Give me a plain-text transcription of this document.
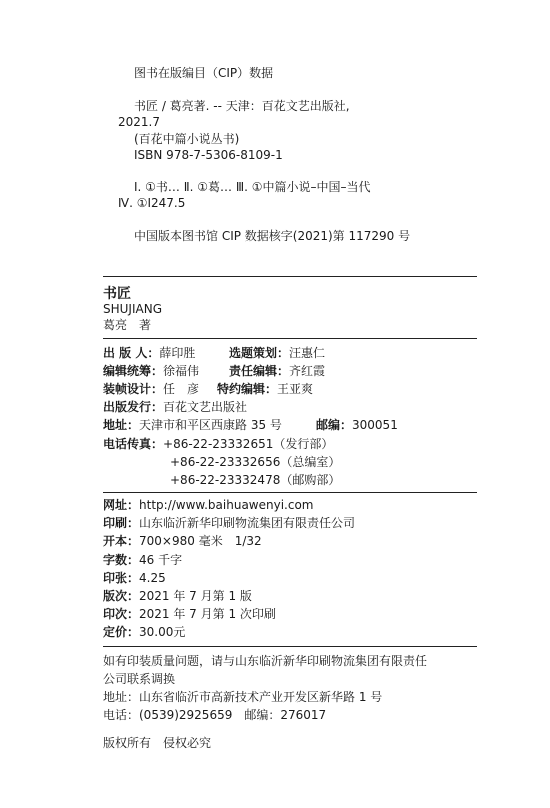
图书在版编目（CIP）数据
书匠 / 葛亮著. -- 天津：百花文艺出版社,
2021.7
(百花中篇小说丛书)
ISBN 978-7-5306-8109-1
Ⅰ. ①书… Ⅱ. ①葛… Ⅲ. ①中篇小说–中国–当代
Ⅳ. ①I247.5
中国版本图书馆 CIP 数据核字(2021)第 117290 号
书匠
SHUJIANG
葛亮　著
出 版 人：薛印胜	选题策划：汪惠仁
编辑统筹：徐福伟 责任编辑：齐红霞
装帧设计：任　彦 特约编辑：王亚爽
出版发行：百花文艺出版社
地址：天津市和平区西康路 35 号	邮编：300051
电话传真：+86-22-23332651（发行部）
+86-22-23332656（总编室）
+86-22-23332478（邮购部）
网址：http://www.baihuawenyi.com
印刷：山东临沂新华印刷物流集团有限责任公司
开本：700×980 毫米　1/32
字数：46 千字
印张：4.25
版次：2021 年 7 月第 1 版
印次：2021 年 7 月第 1 次印刷
定价：30.00元
如有印装质量问题，请与山东临沂新华印刷物流集团有限责任
公司联系调换
地址：山东省临沂市高新技术产业开发区新华路 1 号
电话：(0539)2925659　邮编：276017
版权所有　侵权必究
